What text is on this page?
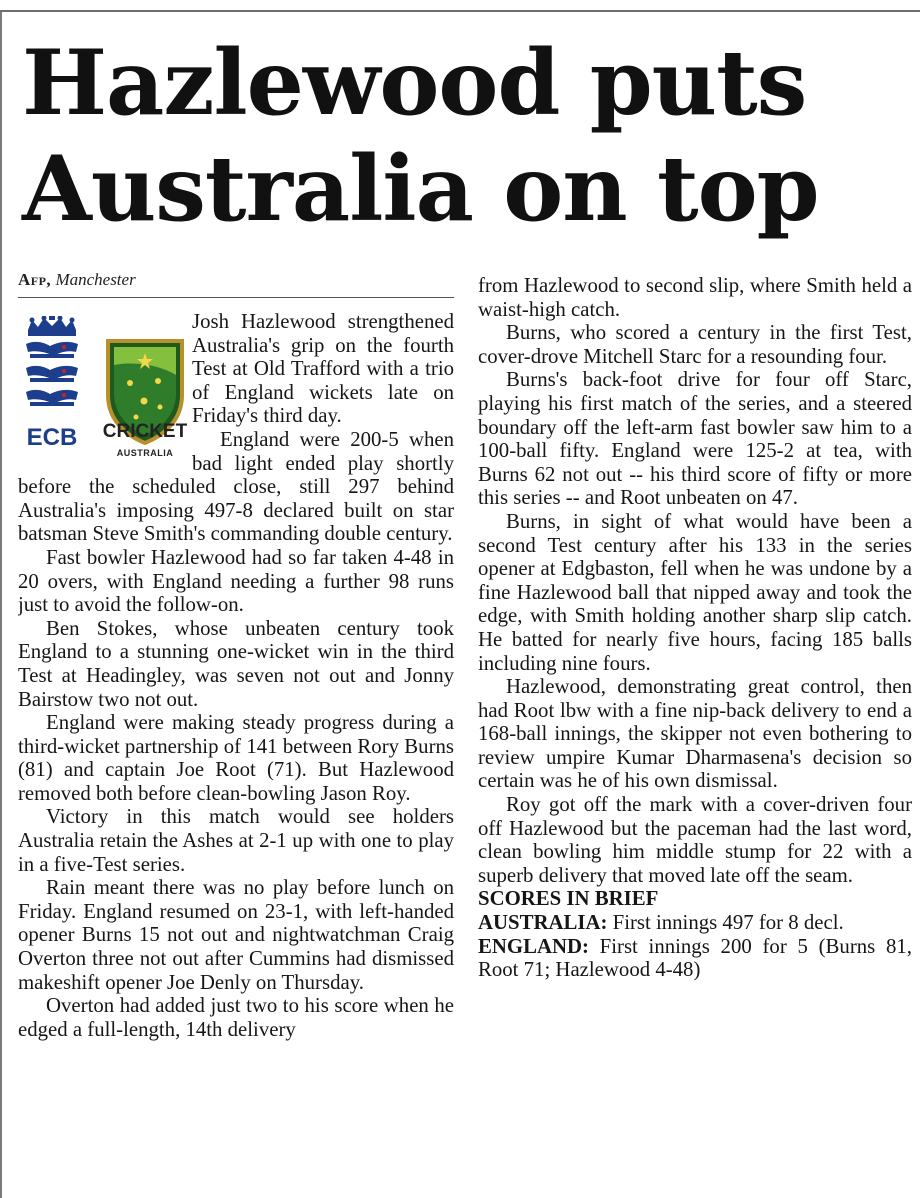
Hazlewood puts
Australia on top
Afp, Manchester
ECB	CRICKET
AUSTRALIA

Josh Hazlewood strengthened Australia's grip on the fourth Test at Old Trafford with a trio of England wickets late on Friday's third day.

England were 200-5 when bad light ended play shortly before the scheduled close, still 297 behind Australia's imposing 497-8 declared built on star batsman Steve Smith's commanding double century.

Fast bowler Hazlewood had so far taken 4-48 in 20 overs, with England needing a further 98 runs just to avoid the follow-on.

Ben Stokes, whose unbeaten century took England to a stunning one-wicket win in the third Test at Headingley, was seven not out and Jonny Bairstow two not out.

England were making steady progress during a third-wicket partnership of 141 between Rory Burns (81) and captain Joe Root (71). But Hazlewood removed both before clean-bowling Jason Roy.

Victory in this match would see holders Australia retain the Ashes at 2-1 up with one to play in a five-Test series.

Rain meant there was no play before lunch on Friday. England resumed on 23-1, with left-handed opener Burns 15 not out and nightwatchman Craig Overton three not out after Cummins had dismissed makeshift opener Joe Denly on Thursday.

Overton had added just two to his score when he edged a full-length, 14th delivery

from Hazlewood to second slip, where Smith held a waist-high catch.

Burns, who scored a century in the first Test, cover-drove Mitchell Starc for a resounding four.

Burns's back-foot drive for four off Starc, playing his first match of the series, and a steered boundary off the left-arm fast bowler saw him to a 100-ball fifty. England were 125-2 at tea, with Burns 62 not out -- his third score of fifty or more this series -- and Root unbeaten on 47.

Burns, in sight of what would have been a second Test century after his 133 in the series opener at Edgbaston, fell when he was undone by a fine Hazlewood ball that nipped away and took the edge, with Smith holding another sharp slip catch. He batted for nearly five hours, facing 185 balls including nine fours.

Hazlewood, demonstrating great control, then had Root lbw with a fine nip-back delivery to end a 168-ball innings, the skipper not even bothering to review umpire Kumar Dharmasena's decision so certain was he of his own dismissal.

Roy got off the mark with a cover-driven four off Hazlewood but the paceman had the last word, clean bowling him middle stump for 22 with a superb delivery that moved late off the seam.

SCORES IN BRIEF

AUSTRALIA: First innings 497 for 8 decl.

ENGLAND: First innings 200 for 5 (Burns 81, Root 71; Hazlewood 4-48)
